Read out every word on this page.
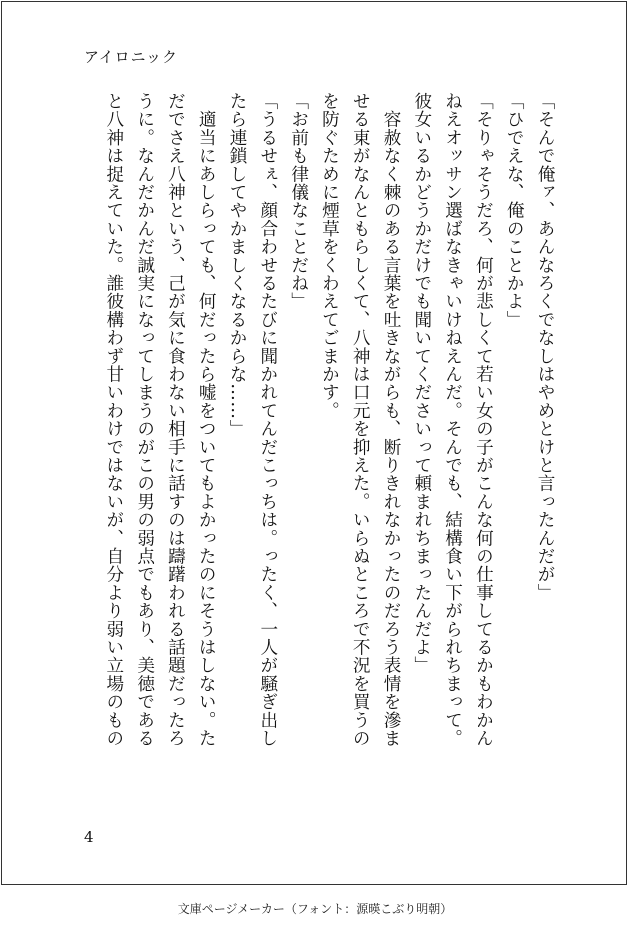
アイロニック
「そんで俺ァ、あんなろくでなしはやめとけと言ったんだが」
「ひでえな、俺のことかよ」
「そりゃそうだろ、何が悲しくて若い女の子がこんな何の仕事してるかもわかん
ねえオッサン選ばなきゃいけねえんだ。そんでも、結構食い下がられちまって。
彼女いるかどうかだけでも聞いてくださいって頼まれちまったんだよ」
　容赦なく棘のある言葉を吐きながらも、断りきれなかったのだろう表情を滲ま
せる東がなんともらしくて、八神は口元を抑えた。いらぬところで不況を買うの
を防ぐために煙草をくわえてごまかす。
「お前も律儀なことだね」
「うるせぇ、顔合わせるたびに聞かれてんだこっちは。ったく、一人が騒ぎ出し
たら連鎖してやかましくなるからな……」
　適当にあしらっても、何だったら嘘をついてもよかったのにそうはしない。た
だでさえ八神という、己が気に食わない相手に話すのは躊躇われる話題だったろ
うに。なんだかんだ誠実になってしまうのがこの男の弱点でもあり、美徳である
と八神は捉えていた。誰彼構わず甘いわけではないが、自分より弱い立場のもの
4
文庫ページメーカー（フォント：源暎こぶり明朝）
